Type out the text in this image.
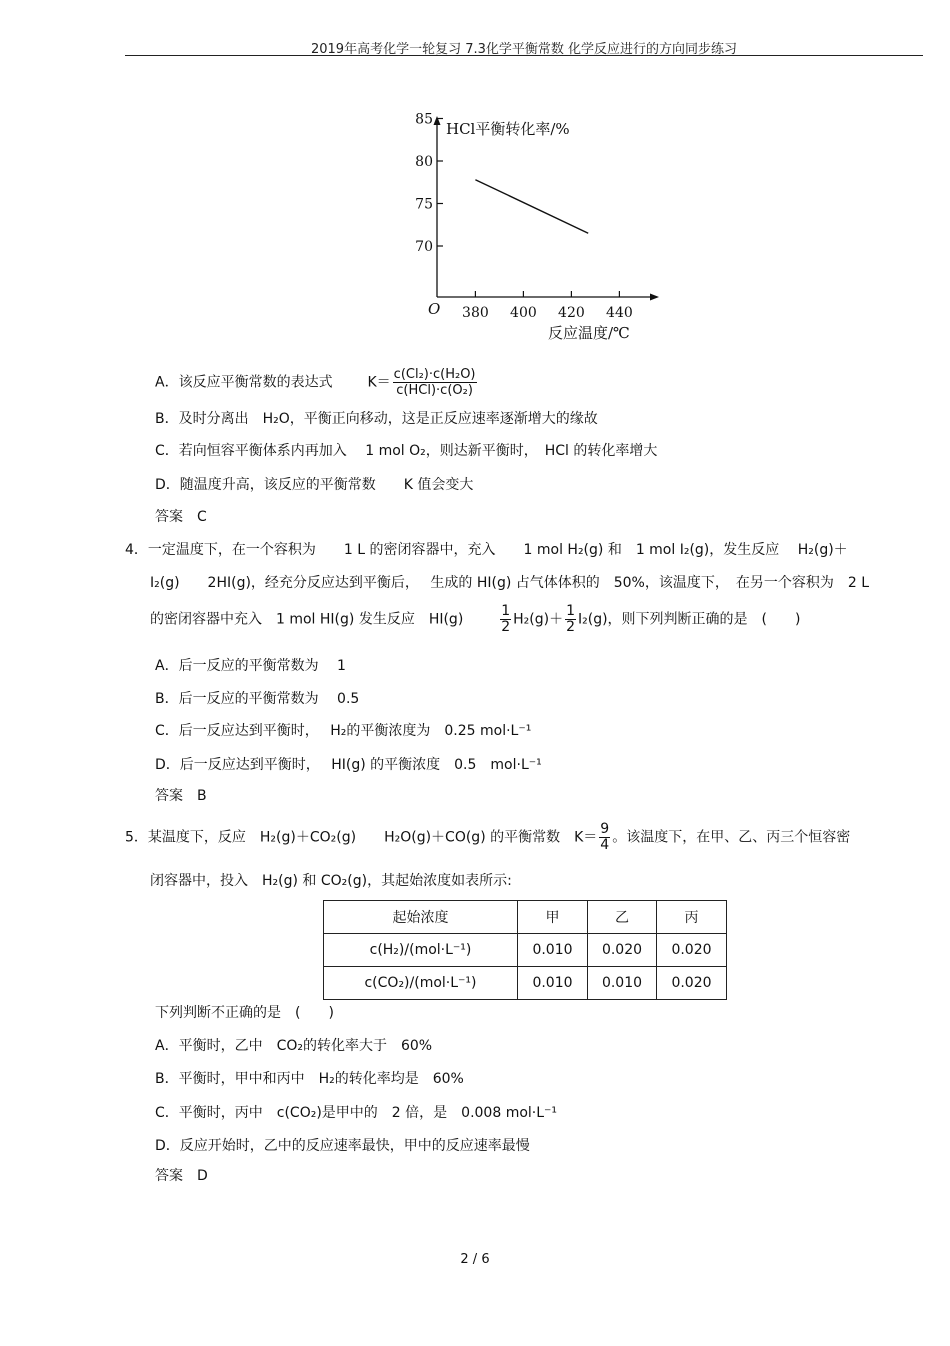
2019年高考化学一轮复习 7.3化学平衡常数 化学反应进行的方向同步练习
HCl平衡转化率/%
反应温度/℃
O
70
75
80
85
380 400 420 440
A．该反应平衡常数的表达式 $K= \frac{\text{c(Cl₂)·c(H₂O)}}{\text{c(HCl)·c(O₂)}}$
B．及时分离出　H₂O，平衡正向移动，这是正反应速率逐渐增大的缘故
C．若向恒容平衡体系内再加入　 1 mol O₂，则达新平衡时，　HCl 的转化率增大
D．随温度升高，该反应的平衡常数　　K 值会变大
答案　C
4．一定温度下，在一个容积为　　1 L 的密闭容器中，充入　　1 mol H₂(g) 和　1 mol I₂(g)，发生反应　 H₂(g)＋
I₂(g)　　2HI(g)，经充分反应达到平衡后，　 生成的 HI(g) 占气体体积的　50%，该温度下，　在另一个容积为　2 L
的密闭容器中充入　1 mol HI(g) 发生反应　HI(g)	$\frac{1}{2} H_2(g)+ \frac{1}{2} I_2(g)$，则下列判断正确的是　(　　)
A．后一反应的平衡常数为　 1
B．后一反应的平衡常数为　 0.5
C．后一反应达到平衡时，　 H₂的平衡浓度为　0.25 mol·L⁻¹
D．后一反应达到平衡时，　 HI(g) 的平衡浓度　0.5　mol·L⁻¹
答案　B
5．某温度下，反应　H₂(g)＋CO₂(g)　　H₂O(g)＋CO(g) 的平衡常数　$K= \frac{9}{4}$ 。该温度下，在甲、乙、丙三个恒容密
闭容器中，投入　H₂(g) 和 CO₂(g)，其起始浓度如表所示:
起始浓度	甲	乙	丙
c(H₂)/(mol·L⁻¹)	0.010	0.020	0.020
c(CO₂)/(mol·L⁻¹)	0.010	0.010	0.020
下列判断不正确的是　(　　)
A．平衡时，乙中　CO₂的转化率大于　60%
B．平衡时，甲中和丙中　H₂的转化率均是　60%
C．平衡时，丙中　c(CO₂)是甲中的　2 倍，是　0.008 mol·L⁻¹
D．反应开始时，乙中的反应速率最快，甲中的反应速率最慢
答案　D
2 / 6
